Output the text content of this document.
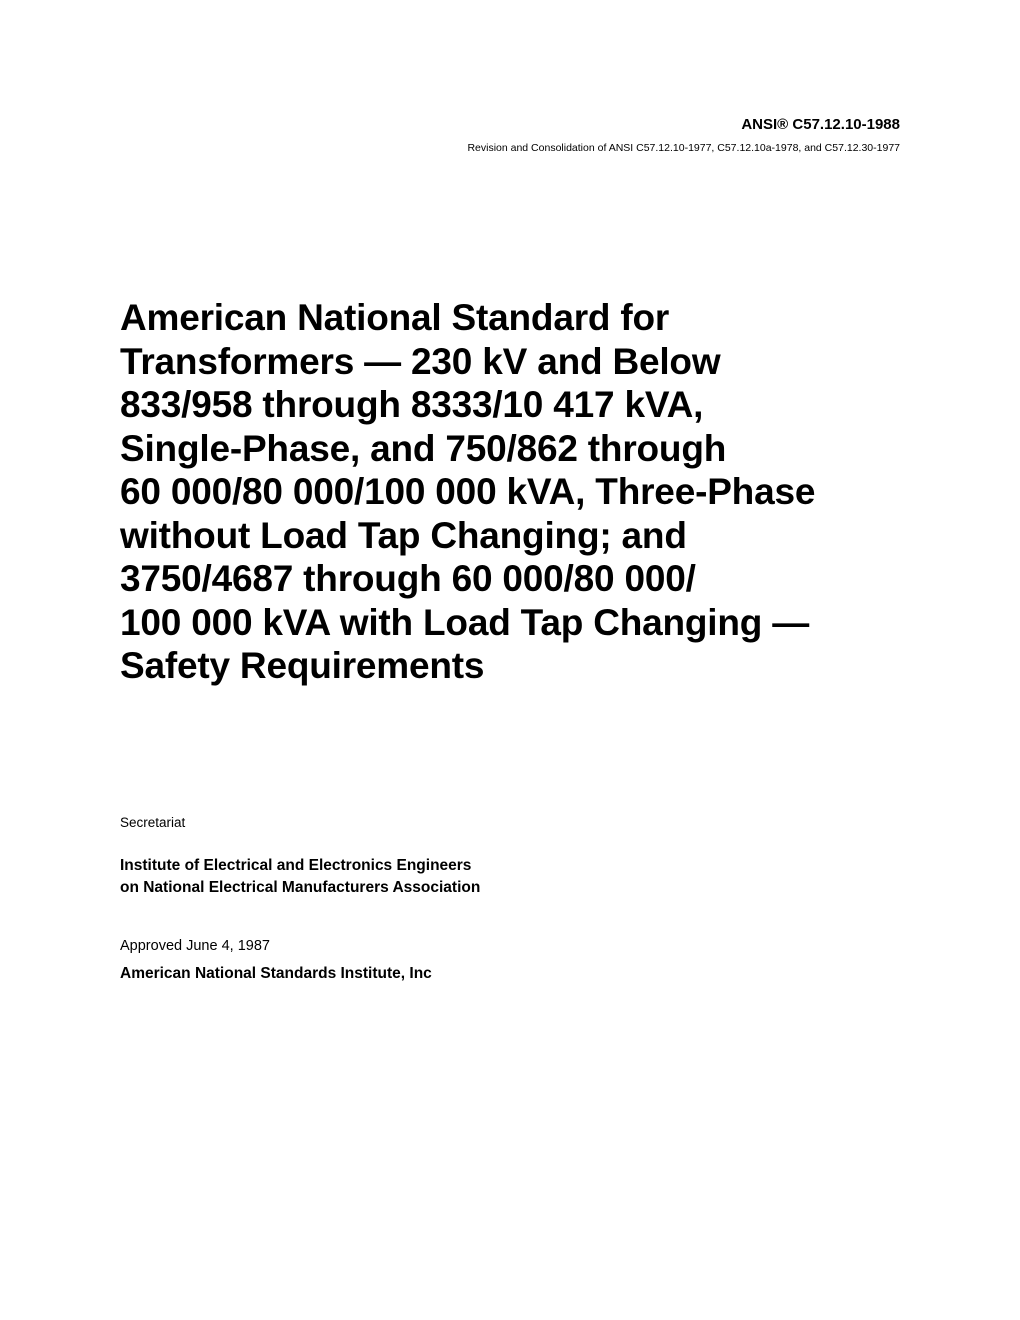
ANSI® C57.12.10-1988
Revision and Consolidation of ANSI C57.12.10-1977, C57.12.10a-1978, and C57.12.30-1977
American National Standard for
Transformers — 230 kV and Below
833/958 through 8333/10 417 kVA,
Single-Phase, and 750/862 through
60 000/80 000/100 000 kVA, Three-Phase
without Load Tap Changing; and
3750/4687 through 60 000/80 000/
100 000 kVA with Load Tap Changing —
Safety Requirements
Secretariat
Institute of Electrical and Electronics Engineers
on National Electrical Manufacturers Association
Approved June 4, 1987
American National Standards Institute, Inc
